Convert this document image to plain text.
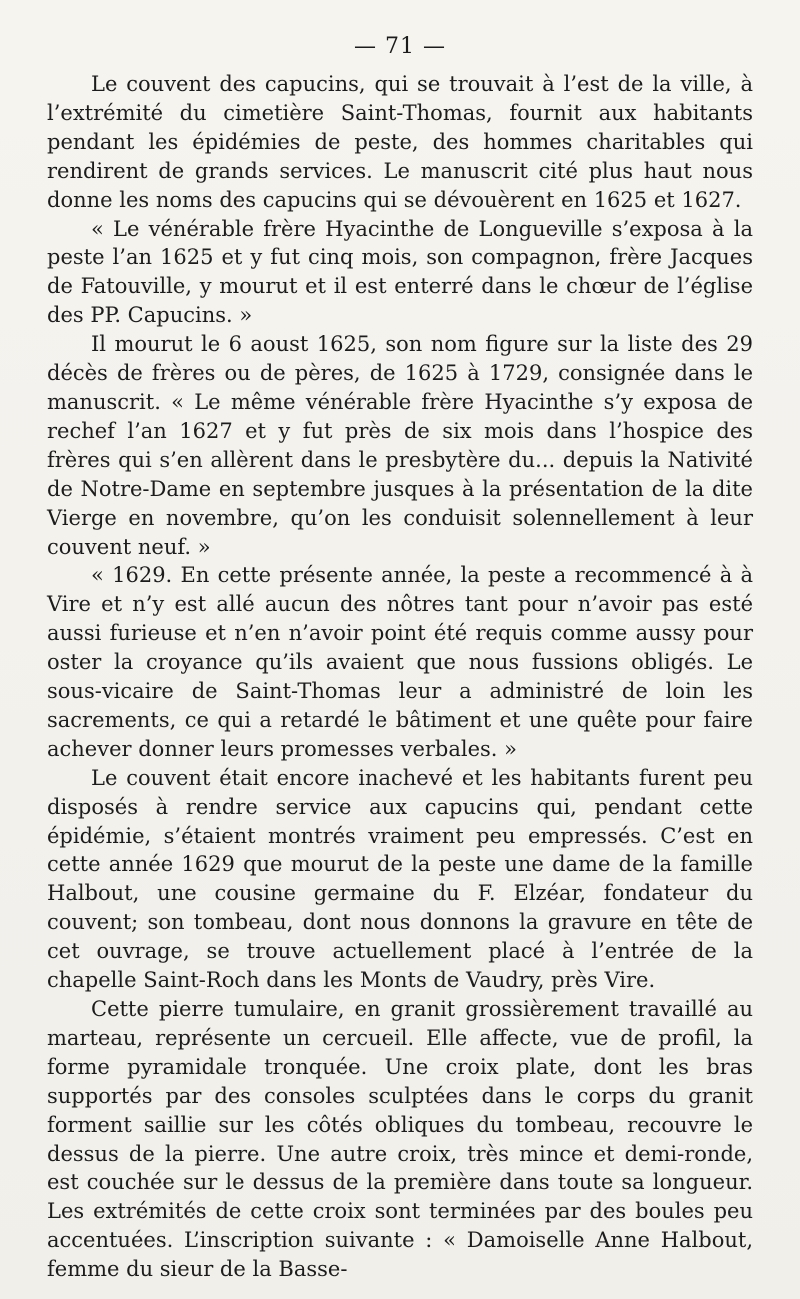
— 71 —

Le couvent des capucins, qui se trouvait à l’est de la ville, à l’extrémité du cimetière Saint-Thomas, fournit aux habitants pendant les épidémies de peste, des hommes charitables qui rendirent de grands services. Le manuscrit cité plus haut nous donne les noms des capucins qui se dévouèrent en 1625 et 1627.

« Le vénérable frère Hyacinthe de Longueville s’exposa à la peste l’an 1625 et y fut cinq mois, son compagnon, frère Jacques de Fatouville, y mourut et il est enterré dans le chœur de l’église des PP. Capucins. »

Il mourut le 6 aoust 1625, son nom figure sur la liste des 29 décès de frères ou de pères, de 1625 à 1729, consignée dans le manuscrit. « Le même vénérable frère Hyacinthe s’y exposa de rechef l’an 1627 et y fut près de six mois dans l’hospice des frères qui s’en allèrent dans le presbytère du... depuis la Nativité de Notre-Dame en septembre jusques à la présentation de la dite Vierge en novembre, qu’on les conduisit solennellement à leur couvent neuf. »

« 1629. En cette présente année, la peste a recommencé à à Vire et n’y est allé aucun des nôtres tant pour n’avoir pas esté aussi furieuse et n’en n’avoir point été requis comme aussy pour oster la croyance qu’ils avaient que nous fussions obligés. Le sous-vicaire de Saint-Thomas leur a administré de loin les sacrements, ce qui a retardé le bâtiment et une quête pour faire achever donner leurs promesses verbales. »

Le couvent était encore inachevé et les habitants furent peu disposés à rendre service aux capucins qui, pendant cette épidémie, s’étaient montrés vraiment peu empressés. C’est en cette année 1629 que mourut de la peste une dame de la famille Halbout, une cousine germaine du F. Elzéar, fondateur du couvent; son tombeau, dont nous donnons la gravure en tête de cet ouvrage, se trouve actuellement placé à l’entrée de la chapelle Saint-Roch dans les Monts de Vaudry, près Vire.

Cette pierre tumulaire, en granit grossièrement travaillé au marteau, représente un cercueil. Elle affecte, vue de profil, la forme pyramidale tronquée. Une croix plate, dont les bras supportés par des consoles sculptées dans le corps du granit forment saillie sur les côtés obliques du tombeau, recouvre le dessus de la pierre. Une autre croix, très mince et demi-ronde, est couchée sur le dessus de la première dans toute sa longueur. Les extrémités de cette croix sont terminées par des boules peu accentuées. L’inscription suivante : « Damoiselle Anne Halbout, femme du sieur de la Basse-
